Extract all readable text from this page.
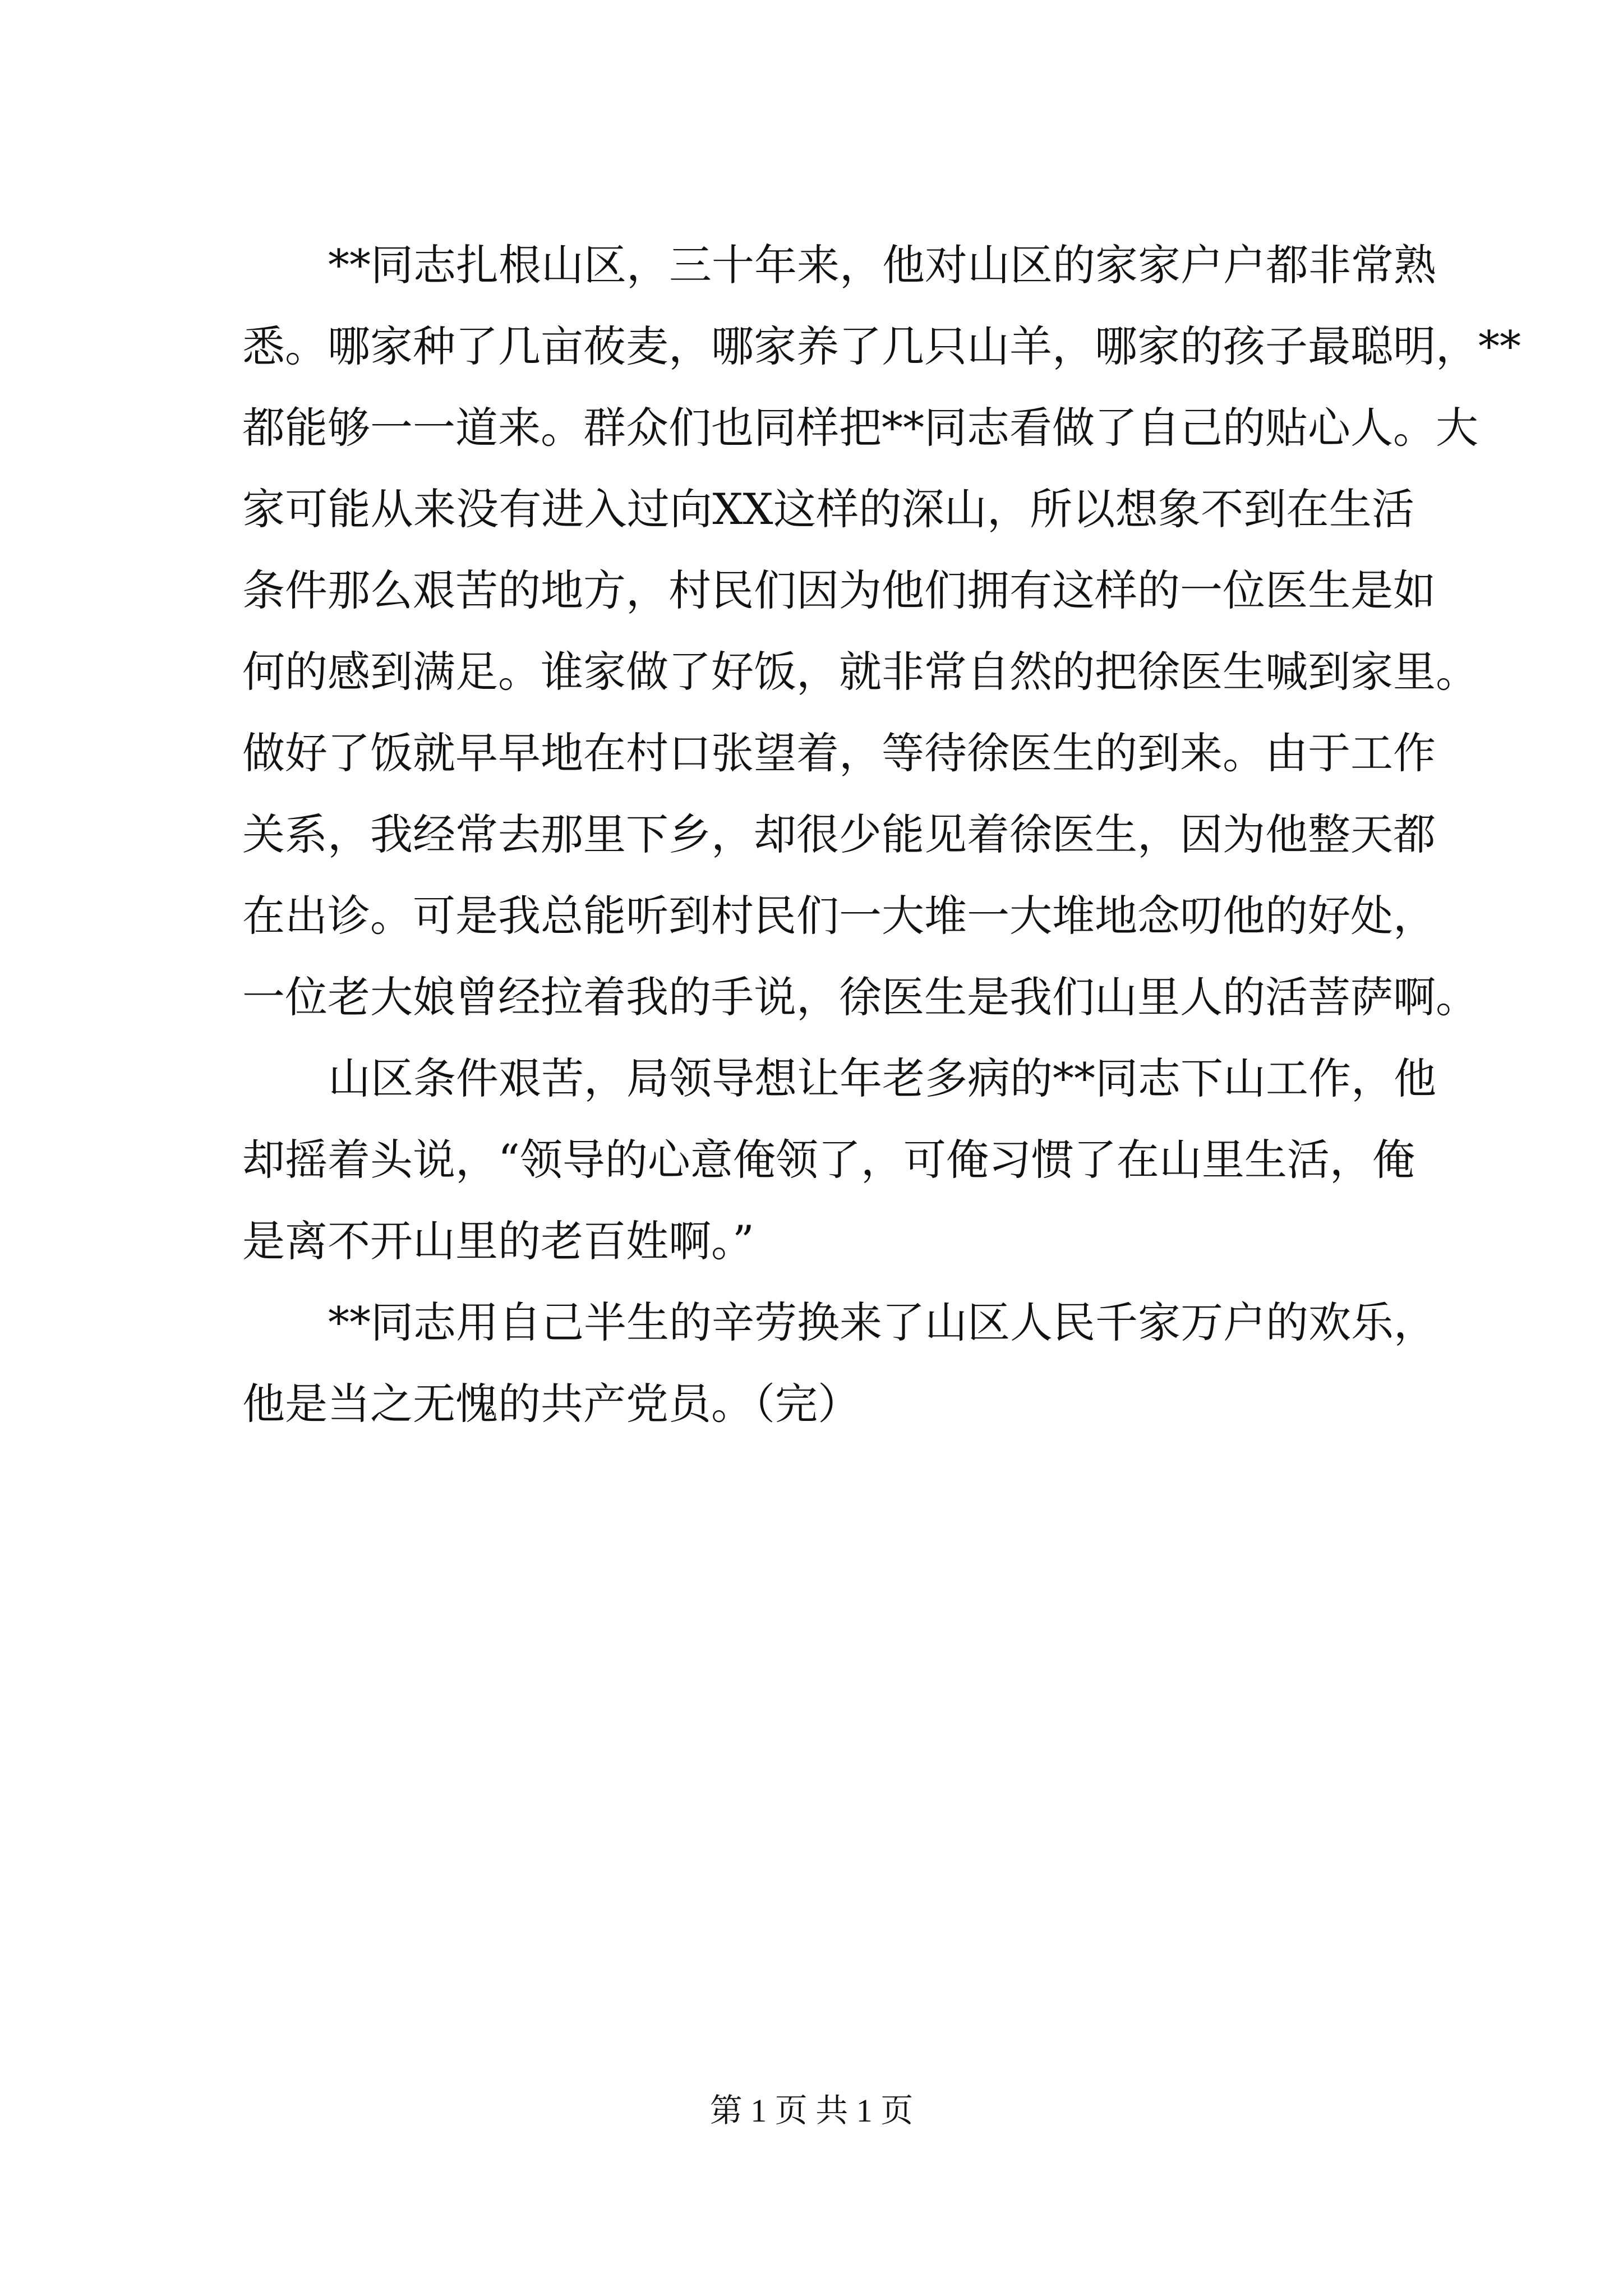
**同志扎根山区，三十年来，他对山区的家家户户都非常熟
悉。哪家种了几亩莜麦，哪家养了几只山羊，哪家的孩子最聪明，**
都能够一一道来。群众们也同样把**同志看做了自己的贴心人。大
家可能从来没有进入过向XX这样的深山，所以想象不到在生活
条件那么艰苦的地方，村民们因为他们拥有这样的一位医生是如
何的感到满足。谁家做了好饭，就非常自然的把徐医生喊到家里。
做好了饭就早早地在村口张望着，等待徐医生的到来。由于工作
关系，我经常去那里下乡，却很少能见着徐医生，因为他整天都
在出诊。可是我总能听到村民们一大堆一大堆地念叨他的好处，
一位老大娘曾经拉着我的手说，徐医生是我们山里人的活菩萨啊。
山区条件艰苦，局领导想让年老多病的**同志下山工作，他
却摇着头说，“领导的心意俺领了，可俺习惯了在山里生活，俺
是离不开山里的老百姓啊。”
**同志用自己半生的辛劳换来了山区人民千家万户的欢乐，
他是当之无愧的共产党员。（完）
第 1 页 共 1 页
